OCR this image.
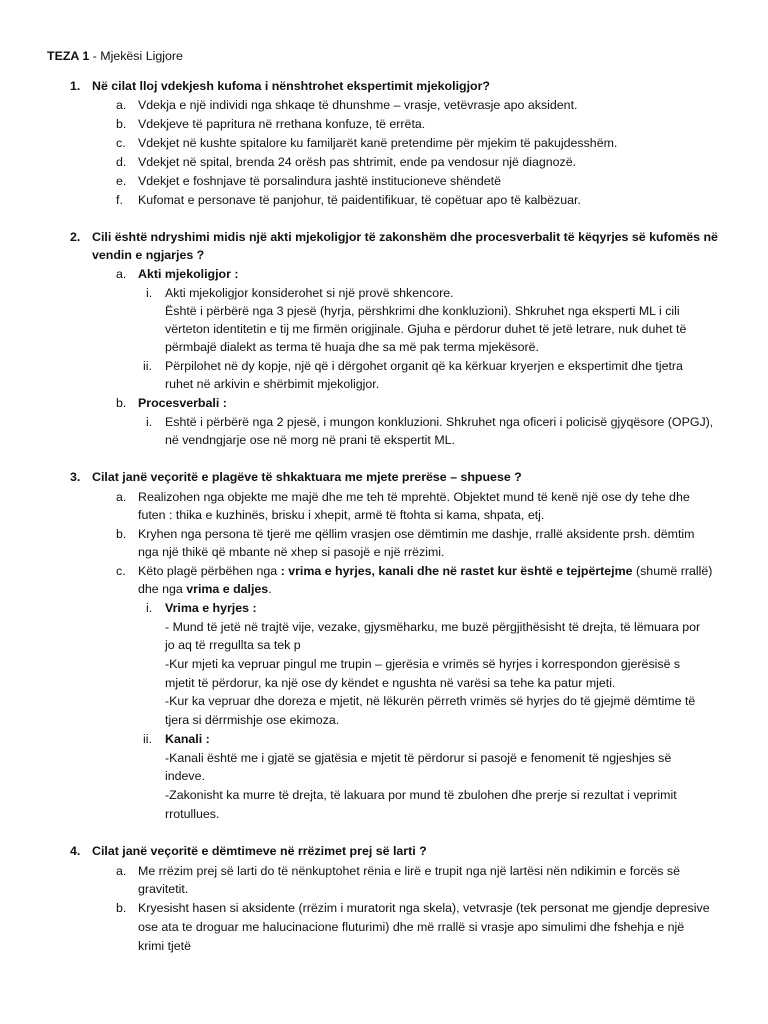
TEZA 1 - Mjekësi Ligjore
1. Në cilat lloj vdekjesh kufoma i nënshtrohet ekspertimit mjekoligjor?
a. Vdekja e një individi nga shkaqe të dhunshme – vrasje, vetëvrasje apo aksident.
b. Vdekjeve të papritura në rrethana konfuze, të errëta.
c. Vdekjet në kushte spitalore ku familjarët kanë pretendime për mjekim të pakujdesshëm.
d. Vdekjet në spital, brenda 24 orësh pas shtrimit, ende pa vendosur një diagnozë.
e. Vdekjet e foshnjave të porsalindura jashtë institucioneve shëndetë
f. Kufomat e personave të panjohur, të paidentifikuar, të copëtuar apo të kalbëzuar.
2. Cili është ndryshimi midis një akti mjekoligjor të zakonshëm dhe procesverbalit të këqyrjes së kufomës në
vendin e ngjarjes ?
a. Akti mjekoligjor :
i. Akti mjekoligjor konsiderohet si një provë shkencore.
Është i përbërë nga 3 pjesë (hyrja, përshkrimi dhe konkluzioni). Shkruhet nga eksperti ML i cili
vërteton identitetin e tij me firmën origjinale. Gjuha e përdorur duhet të jetë letrare, nuk duhet të
përmbajë dialekt as terma të huaja dhe sa më pak terma mjekësorë.
ii. Përpilohet në dy kopje, një që i dërgohet organit që ka kërkuar kryerjen e ekspertimit dhe tjetra
ruhet në arkivin e shërbimit mjekoligjor.
b. Procesverbali :
i. Eshtë i përbërë nga 2 pjesë, i mungon konkluzioni. Shkruhet nga oficeri i policisë gjyqësore (OPGJ),
në vendngjarje ose në morg në prani të ekspertit ML.
3. Cilat janë veçoritë e plagëve të shkaktuara me mjete prerëse – shpuese ?
a. Realizohen nga objekte me majë dhe me teh të mprehtë. Objektet mund të kenë një ose dy tehe dhe
futen : thika e kuzhinës, brisku i xhepit, armë të ftohta si kama, shpata, etj.
b. Kryhen nga persona të tjerë me qëllim vrasjen ose dëmtimin me dashje, rrallë aksidente prsh. dëmtim
nga një thikë që mbante në xhep si pasojë e një rrëzimi.
c. Këto plagë përbëhen nga : vrima e hyrjes, kanali dhe në rastet kur është e tejpërtejme (shumë rrallë)
dhe nga vrima e daljes.
i. Vrima e hyrjes :
- Mund të jetë në trajtë vije, vezake, gjysmëharku, me buzë përgjithësisht të drejta, të lëmuara por
jo aq të rregullta sa tek p
-Kur mjeti ka vepruar pingul me trupin – gjerësia e vrimës së hyrjes i korrespondon gjerësisë s
mjetit të përdorur, ka një ose dy këndet e ngushta në varësi sa tehe ka patur mjeti.
-Kur ka vepruar dhe doreza e mjetit, në lëkurën përreth vrimës së hyrjes do të gjejmë dëmtime të
tjera si dërrmishje ose ekimoza.
ii. Kanali :
-Kanali është me i gjatë se gjatësia e mjetit të përdorur si pasojë e fenomenit të ngjeshjes së
indeve.
-Zakonisht ka murre të drejta, të lakuara por mund të zbulohen dhe prerje si rezultat i veprimit
rrotullues.
4. Cilat janë veçoritë e dëmtimeve në rrëzimet prej së larti ?
a. Me rrëzim prej së larti do të nënkuptohet rënia e lirë e trupit nga një lartësi nën ndikimin e forcës së
gravitetit.
b. Kryesisht hasen si aksidente (rrëzim i muratorit nga skela), vetvrasje (tek personat me gjendje depresive
ose ata te droguar me halucinacione fluturimi) dhe më rrallë si vrasje apo simulimi dhe fshehja e një
krimi tjetë
